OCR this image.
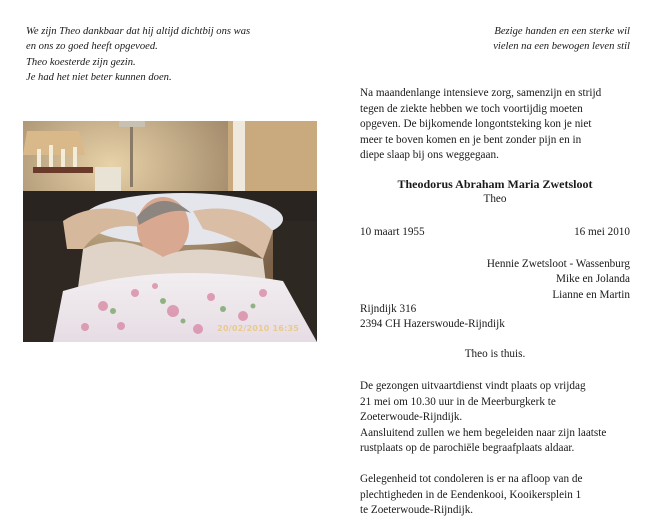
We zijn Theo dankbaar dat hij altijd dichtbij ons was
en ons zo goed heeft opgevoed.
Theo koesterde zijn gezin.
Je had het niet beter kunnen doen.
Bezige handen en een sterke wil
vielen na een bewogen leven stil
20/02/2010 16:35
Na maandenlange intensieve zorg, samenzijn en strijd
tegen de ziekte hebben we toch voortijdig moeten
opgeven. De bijkomende longontsteking kon je niet
meer te boven komen en je bent zonder pijn en in
diepe slaap bij ons weggegaan.
Theodorus Abraham Maria Zwetsloot
Theo
10 maart 1955	16 mei 2010
Hennie Zwetsloot - Wassenburg
Mike en Jolanda
Lianne en Martin
Rijndijk 316
2394 CH Hazerswoude-Rijndijk
Theo is thuis.
De gezongen uitvaartdienst vindt plaats op vrijdag
21 mei om 10.30 uur in de Meerburgkerk te
Zoeterwoude-Rijndijk.
Aansluitend zullen we hem begeleiden naar zijn laatste
rustplaats op de parochiële begraafplaats aldaar.
Gelegenheid tot condoleren is er na afloop van de
plechtigheden in de Eendenkooi, Kooikersplein 1
te Zoeterwoude-Rijndijk.
